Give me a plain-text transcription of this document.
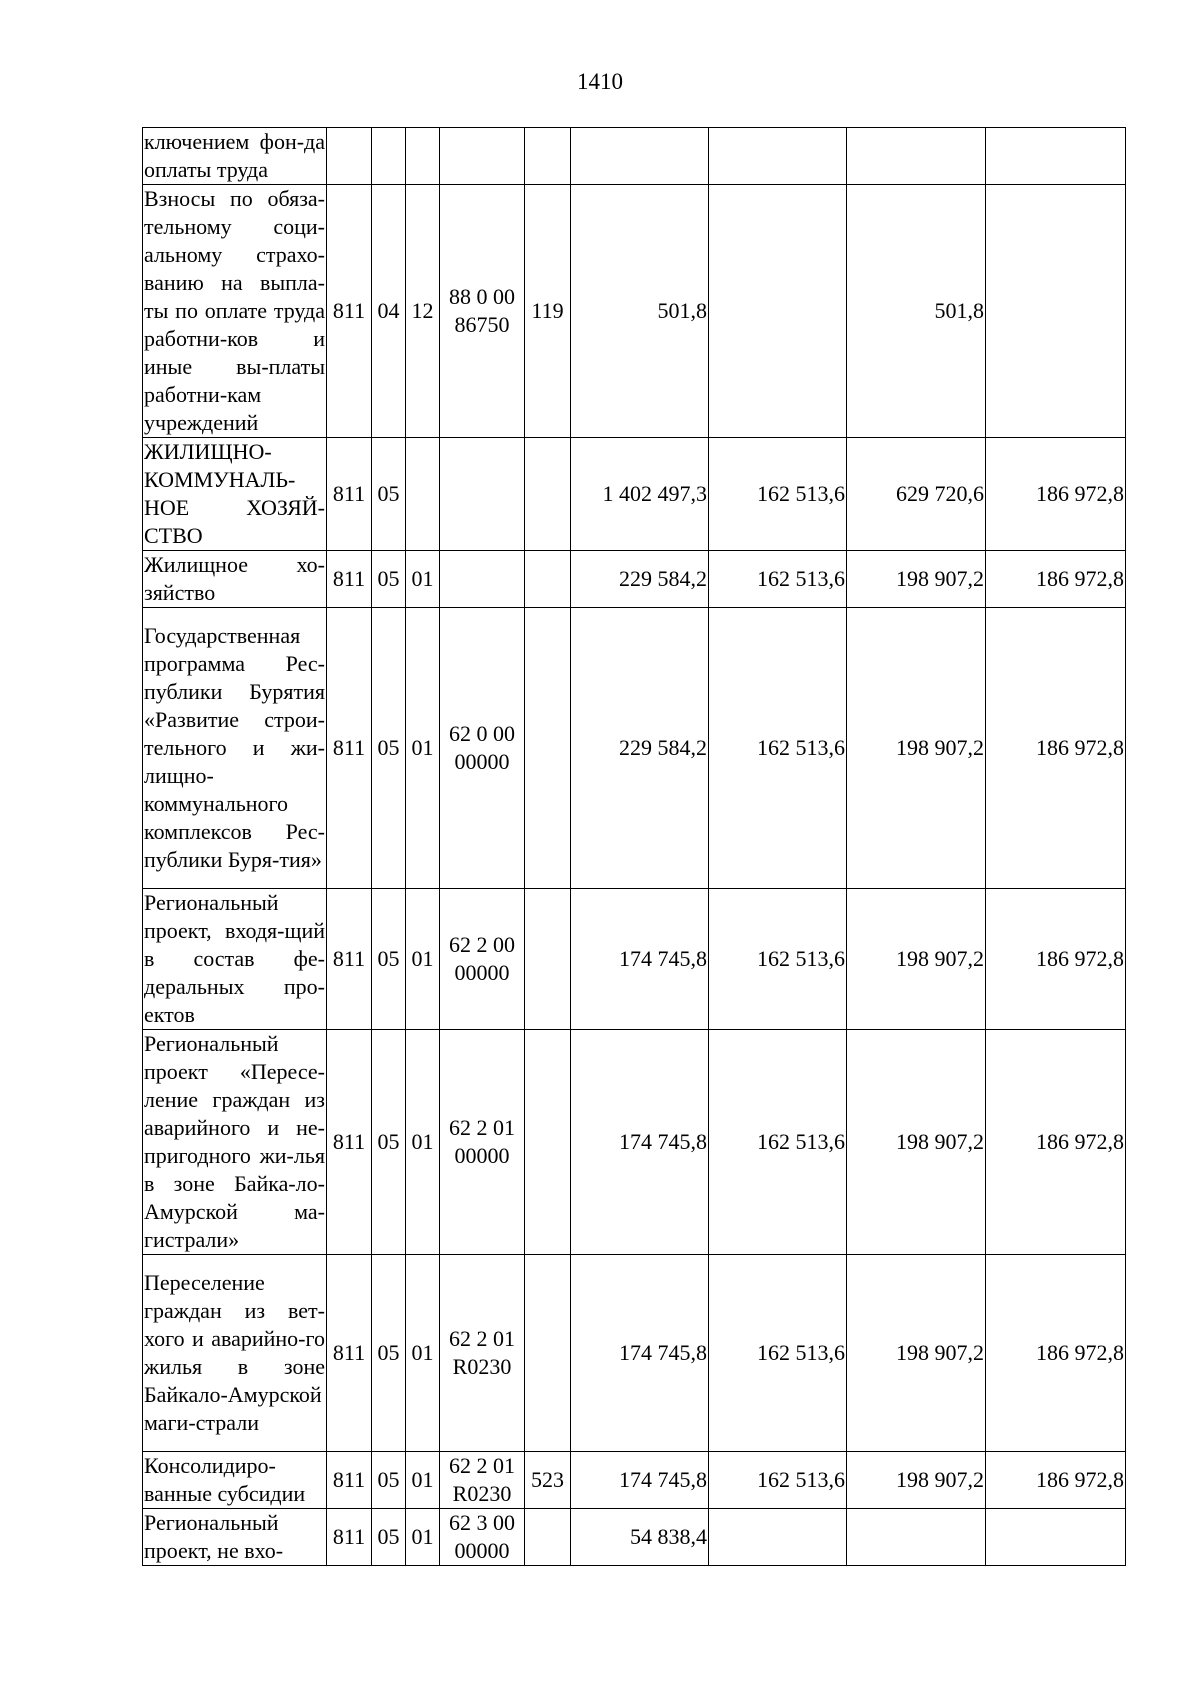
1410
ключением фон-да оплаты труда									
Взносы по обяза-тельному соци-альному страхо-ванию на выпла-ты по оплате труда работни-ков и иные вы-платы работни-кам учреждений	811	04	12	88 0 00 86750	119	501,8		501,8	
ЖИЛИЩНО-КОММУНАЛЬ-НОЕ ХОЗЯЙ-СТВО	811	05				1 402 497,3	162 513,6	629 720,6	186 972,8
Жилищное хо-зяйство	811	05	01			229 584,2	162 513,6	198 907,2	186 972,8
Государственная программа Рес-публики Бурятия «Развитие строи-тельного и жи-лищно-коммунального комплексов Рес-публики Буря-тия»	811	05	01	62 0 00 00000		229 584,2	162 513,6	198 907,2	186 972,8
Региональный проект, входя-щий в состав фе-деральных про-ектов	811	05	01	62 2 00 00000		174 745,8	162 513,6	198 907,2	186 972,8
Региональный проект «Пересе-ление граждан из аварийного и не-пригодного жи-лья в зоне Байка-ло-Амурской ма-гистрали»	811	05	01	62 2 01 00000		174 745,8	162 513,6	198 907,2	186 972,8
Переселение граждан из вет-хого и аварийно-го жилья в зоне Байкало-Амурской маги-страли	811	05	01	62 2 01 R0230		174 745,8	162 513,6	198 907,2	186 972,8
Консолидиро-ванные субсидии	811	05	01	62 2 01 R0230	523	174 745,8	162 513,6	198 907,2	186 972,8
Региональный проект, не вхо-	811	05	01	62 3 00 00000		54 838,4			
